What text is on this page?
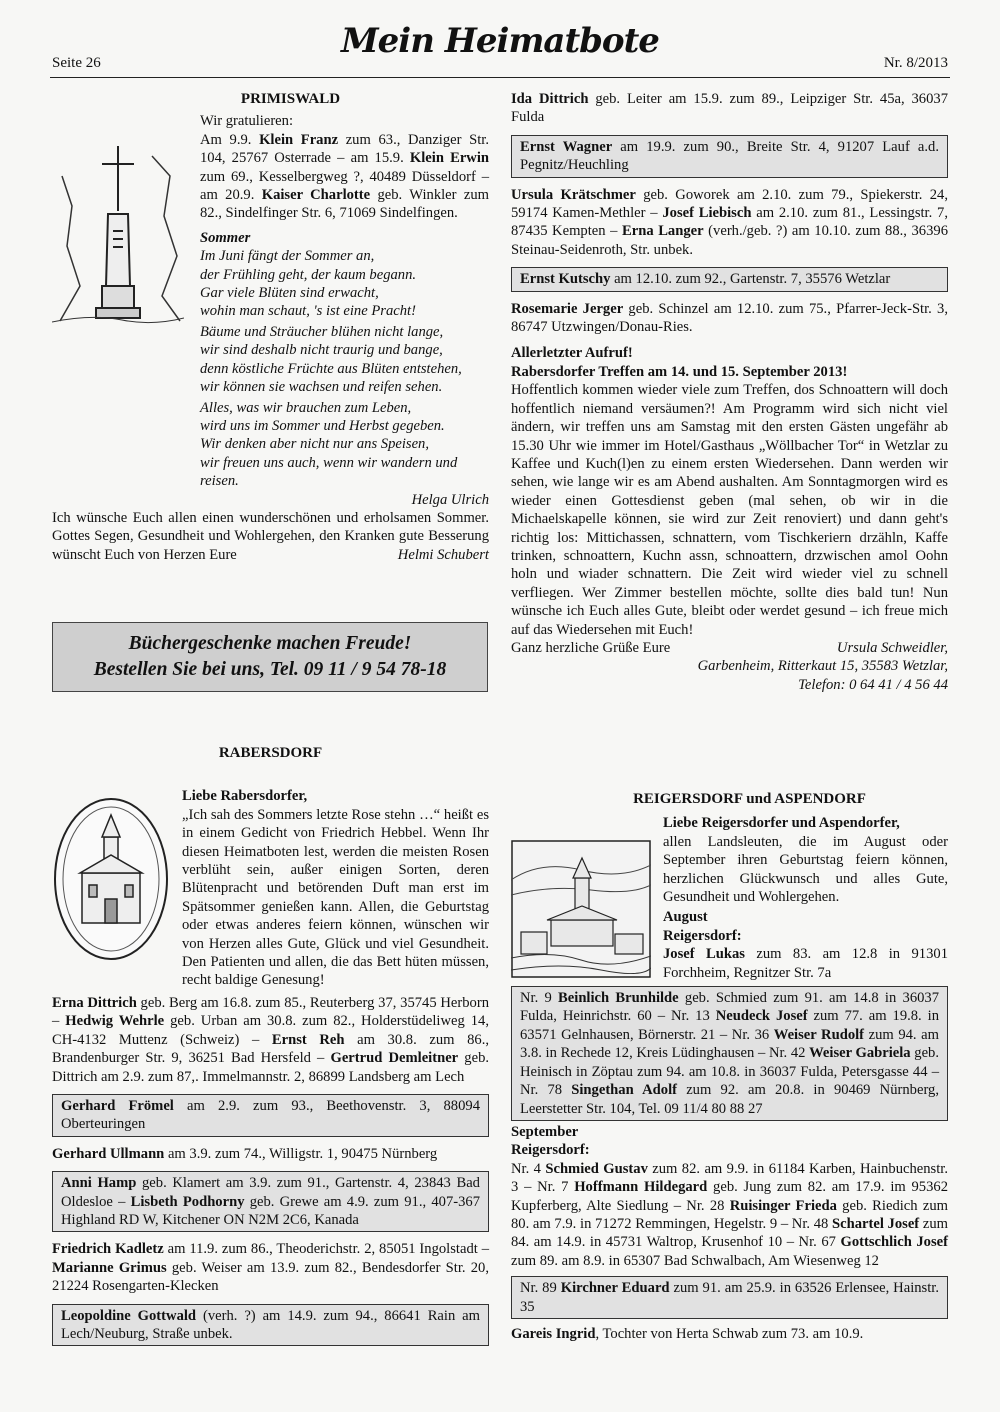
Seite 26
Mein Heimatbote
Nr. 8/2013
PRIMISWALD

Wir gratulieren:

Am 9.9. Klein Franz zum 63., Danziger Str. 104, 25767 Osterrade – am 15.9. Klein Erwin zum 69., Kesselbergweg ?, 40489 Düsseldorf – am 20.9. Kaiser Charlotte geb. Winkler zum 82., Sindelfinger Str. 6, 71069 Sindelfingen.

Sommer

Im Juni fängt der Sommer an,

der Frühling geht, der kaum begann.

Gar viele Blüten sind erwacht,

wohin man schaut, 's ist eine Pracht!

Bäume und Sträucher blühen nicht lange,

wir sind deshalb nicht traurig und bange,

denn köstliche Früchte aus Blüten entstehen,

wir können sie wachsen und reifen sehen.

Alles, was wir brauchen zum Leben,

wird uns im Sommer und Herbst gegeben.

Wir denken aber nicht nur ans Speisen,

wir freuen uns auch, wenn wir wandern und reisen.

Helga Ulrich

Ich wünsche Euch allen einen wunderschönen und erholsamen Sommer. Gottes Segen, Gesundheit und Wohlergehen, den Kranken gute Besserung wünscht Euch von Herzen Eure	Helmi Schubert

Büchergeschenke machen Freude!
Bestellen Sie bei uns, Tel. 09 11 / 9 54 78-18
RABERSDORF

Liebe Rabersdorfer,

„Ich sah des Sommers letzte Rose stehn …“ heißt es in einem Gedicht von Friedrich Hebbel. Wenn Ihr diesen Heimatboten lest, werden die meisten Rosen verblüht sein, außer einigen Sorten, deren Blütenpracht und betörenden Duft man erst im Spätsommer genießen kann. Allen, die Geburtstag oder etwas anderes feiern können, wünschen wir von Herzen alles Gute, Glück und viel Gesundheit. Den Patienten und allen, die das Bett hüten müssen, recht baldige Genesung!

Erna Dittrich geb. Berg am 16.8. zum 85., Reuterberg 37, 35745 Herborn – Hedwig Wehrle geb. Urban am 30.8. zum 82., Holderstüdeliweg 14, CH-4132 Muttenz (Schweiz) – Ernst Reh am 30.8. zum 86., Brandenburger Str. 9, 36251 Bad Hersfeld – Gertrud Demleitner geb. Dittrich am 2.9. zum 87,. Immelmannstr. 2, 86899 Landsberg am Lech
Gerhard Frömel am 2.9. zum 93., Beethovenstr. 3, 88094 Oberteuringen
Gerhard Ullmann am 3.9. zum 74., Willigstr. 1, 90475 Nürnberg
Anni Hamp geb. Klamert am 3.9. zum 91., Gartenstr. 4, 23843 Bad Oldesloe – Lisbeth Podhorny geb. Grewe am 4.9. zum 91., 407-367 Highland RD W, Kitchener ON N2M 2C6, Kanada
Friedrich Kadletz am 11.9. zum 86., Theoderichstr. 2, 85051 Ingolstadt – Marianne Grimus geb. Weiser am 13.9. zum 82., Bendesdorfer Str. 20, 21224 Rosengarten-Klecken
Leopoldine Gottwald (verh. ?) am 14.9. zum 94., 86641 Rain am Lech/Neuburg, Straße unbek.
Ida Dittrich geb. Leiter am 15.9. zum 89., Leipziger Str. 45a, 36037 Fulda
Ernst Wagner am 19.9. zum 90., Breite Str. 4, 91207 Lauf a.d. Pegnitz/Heuchling
Ursula Krätschmer geb. Goworek am 2.10. zum 79., Spiekerstr. 24, 59174 Kamen-Methler – Josef Liebisch am 2.10. zum 81., Lessingstr. 7, 87435 Kempten – Erna Langer (verh./geb. ?) am 10.10. zum 88., 36396 Steinau-Seidenroth, Str. unbek.
Ernst Kutschy am 12.10. zum 92., Gartenstr. 7, 35576 Wetzlar
Rosemarie Jerger geb. Schinzel am 12.10. zum 75., Pfarrer-Jeck-Str. 3, 86747 Utzwingen/Donau-Ries.

Allerletzter Aufruf!

Rabersdorfer Treffen am 14. und 15. September 2013!

Hoffentlich kommen wieder viele zum Treffen, dos Schnoattern will doch hoffentlich niemand versäumen?! Am Programm wird sich nicht viel ändern, wir treffen uns am Samstag mit den ersten Gästen ungefähr ab 15.30 Uhr wie immer im Hotel/Gasthaus „Wöllbacher Tor“ in Wetzlar zu Kaffee und Kuch(l)en zu einem ersten Wiedersehen. Dann werden wir sehen, wie lange wir es am Abend aushalten. Am Sonntagmorgen wird es wieder einen Gottesdienst geben (mal sehen, ob wir in die Michaelskapelle können, sie wird zur Zeit renoviert) und dann geht's richtig los: Mittichassen, schnattern, vom Tischkeriern drzähln, Kaffe trinken, schnoattern, Kuchn assn, schnoattern, drzwischen amol Oohn holn und wiader schnattern. Die Zeit wird wieder viel zu schnell verfliegen. Wer Zimmer bestellen möchte, sollte dies bald tun! Nun wünsche ich Euch alles Gute, bleibt oder werdet gesund – ich freue mich auf das Wiedersehen mit Euch!

Ganz herzliche Grüße Eure	Ursula Schweidler,

Garbenheim, Ritterkaut 15, 35583 Wetzlar,

Telefon: 0 64 41 / 4 56 44

REIGERSDORF und ASPENDORF

Liebe Reigersdorfer und Aspendorfer,

allen Landsleuten, die im August oder September ihren Geburtstag feiern können, herzlichen Glückwunsch und alles Gute, Gesundheit und Wohlergehen.

August

Reigersdorf:

Josef Lukas zum 83. am 12.8 in 91301 Forchheim, Regnitzer Str. 7a
Nr. 9 Beinlich Brunhilde geb. Schmied zum 91. am 14.8 in 36037 Fulda, Heinrichstr. 60 – Nr. 13 Neudeck Josef zum 77. am 19.8. in 63571 Gelnhausen, Börnerstr. 21 – Nr. 36 Weiser Rudolf zum 94. am 3.8. in Rechede 12, Kreis Lüdinghausen – Nr. 42 Weiser Gabriela geb. Heinisch in Zöptau zum 94. am 10.8. in 36037 Fulda, Petersgasse 44 – Nr. 78 Singethan Adolf zum 92. am 20.8. in 90469 Nürnberg, Leerstetter Str. 104, Tel. 09 11/4 80 88 27

September

Reigersdorf:

Nr. 4 Schmied Gustav zum 82. am 9.9. in 61184 Karben, Hainbuchenstr. 3 – Nr. 7 Hoffmann Hildegard geb. Jung zum 82. am 17.9. im 95362 Kupferberg, Alte Siedlung – Nr. 28 Ruisinger Frieda geb. Riedich zum 80. am 7.9. in 71272 Remmingen, Hegelstr. 9 – Nr. 48 Schartel Josef zum 84. am 14.9. in 45731 Waltrop, Krusenhof 10 – Nr. 67 Gottschlich Josef zum 89. am 8.9. in 65307 Bad Schwalbach, Am Wiesenweg 12
Nr. 89 Kirchner Eduard zum 91. am 25.9. in 63526 Erlensee, Hainstr. 35
Gareis Ingrid, Tochter von Herta Schwab zum 73. am 10.9.
